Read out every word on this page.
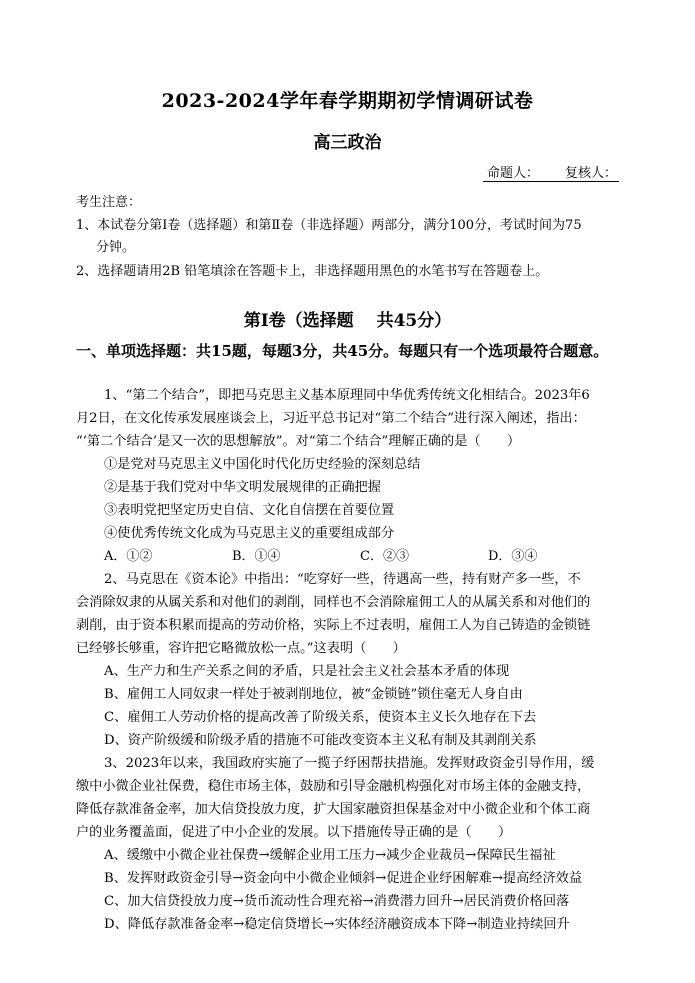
2023-2024学年春学期期初学情调研试卷
高三政治
命题人： 复核人：
考生注意：
1、本试卷分第Ⅰ卷（选择题）和第Ⅱ卷（非选择题）两部分，满分100分，考试时间为75
分钟。
2、选择题请用2B 铅笔填涂在答题卡上，非选择题用黑色的水笔书写在答题卷上。
第Ⅰ卷（选择题　 共45分）
一、单项选择题：共15题，每题3分，共45分。每题只有一个选项最符合题意。
1、“第二个结合”，即把马克思主义基本原理同中华优秀传统文化相结合。2023年6
月2日，在文化传承发展座谈会上，习近平总书记对“第二个结合”进行深入阐述，指出：
“‘第二个结合’是又一次的思想解放”。对“第二个结合”理解正确的是（　　）
①是党对马克思主义中国化时代化历史经验的深刻总结
②是基于我们党对中华文明发展规律的正确把握
③表明党把坚定历史自信、文化自信摆在首要位置
④使优秀传统文化成为马克思主义的重要组成部分
A．①②	B．①④	C．②③	D．③④
2、马克思在《资本论》中指出：“吃穿好一些，待遇高一些，持有财产多一些，不
会消除奴隶的从属关系和对他们的剥削，同样也不会消除雇佣工人的从属关系和对他们的
剥削，由于资本积累而提高的劳动价格，实际上不过表明，雇佣工人为自己铸造的金锁链
已经够长够重，容许把它略微放松一点。”这表明（　　）
A、生产力和生产关系之间的矛盾，只是社会主义社会基本矛盾的体现
B、雇佣工人同奴隶一样处于被剥削地位，被“金锁链”锁住毫无人身自由
C、雇佣工人劳动价格的提高改善了阶级关系，使资本主义长久地存在下去
D、资产阶级缓和阶级矛盾的措施不可能改变资本主义私有制及其剥削关系
3、2023年以来，我国政府实施了一揽子纾困帮扶措施。发挥财政资金引导作用，缓
缴中小微企业社保费，稳住市场主体，鼓励和引导金融机构强化对市场主体的金融支持，
降低存款准备金率，加大信贷投放力度，扩大国家融资担保基金对中小微企业和个体工商
户的业务覆盖面，促进了中小企业的发展。以下措施传导正确的是（　　）
A、缓缴中小微企业社保费→缓解企业用工压力→减少企业裁员→保障民生福祉
B、发挥财政资金引导→资金向中小微企业倾斜→促进企业纾困解难→提高经济效益
C、加大信贷投放力度→货币流动性合理充裕→消费潜力回升→居民消费价格回落
D、降低存款准备金率→稳定信贷增长→实体经济融资成本下降→制造业持续回升
